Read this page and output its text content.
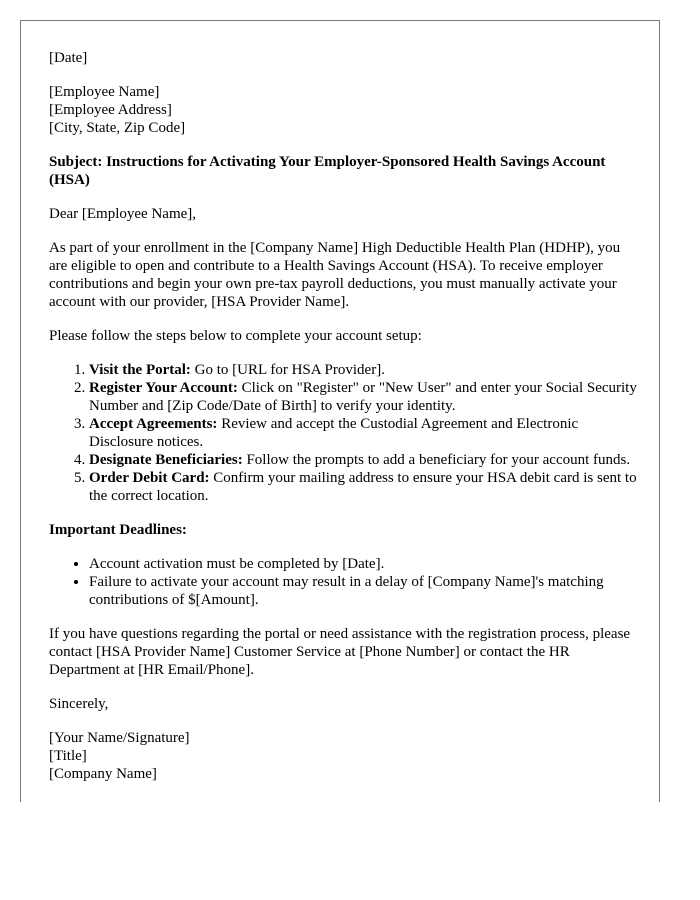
[Date]

[Employee Name]
[Employee Address]
[City, State, Zip Code]

Subject: Instructions for Activating Your Employer-Sponsored Health Savings Account (HSA)

Dear [Employee Name],

As part of your enrollment in the [Company Name] High Deductible Health Plan (HDHP), you are eligible to open and contribute to a Health Savings Account (HSA). To receive employer contributions and begin your own pre-tax payroll deductions, you must manually activate your account with our provider, [HSA Provider Name].

Please follow the steps below to complete your account setup:

1. Visit the Portal: Go to [URL for HSA Provider].
2. Register Your Account: Click on "Register" or "New User" and enter your Social Security Number and [Zip Code/Date of Birth] to verify your identity.
3. Accept Agreements: Review and accept the Custodial Agreement and Electronic Disclosure notices.
4. Designate Beneficiaries: Follow the prompts to add a beneficiary for your account funds.
5. Order Debit Card: Confirm your mailing address to ensure your HSA debit card is sent to the correct location.

Important Deadlines:

• Account activation must be completed by [Date].
• Failure to activate your account may result in a delay of [Company Name]'s matching contributions of $[Amount].

If you have questions regarding the portal or need assistance with the registration process, please contact [HSA Provider Name] Customer Service at [Phone Number] or contact the HR Department at [HR Email/Phone].

Sincerely,

[Your Name/Signature]
[Title]
[Company Name]
